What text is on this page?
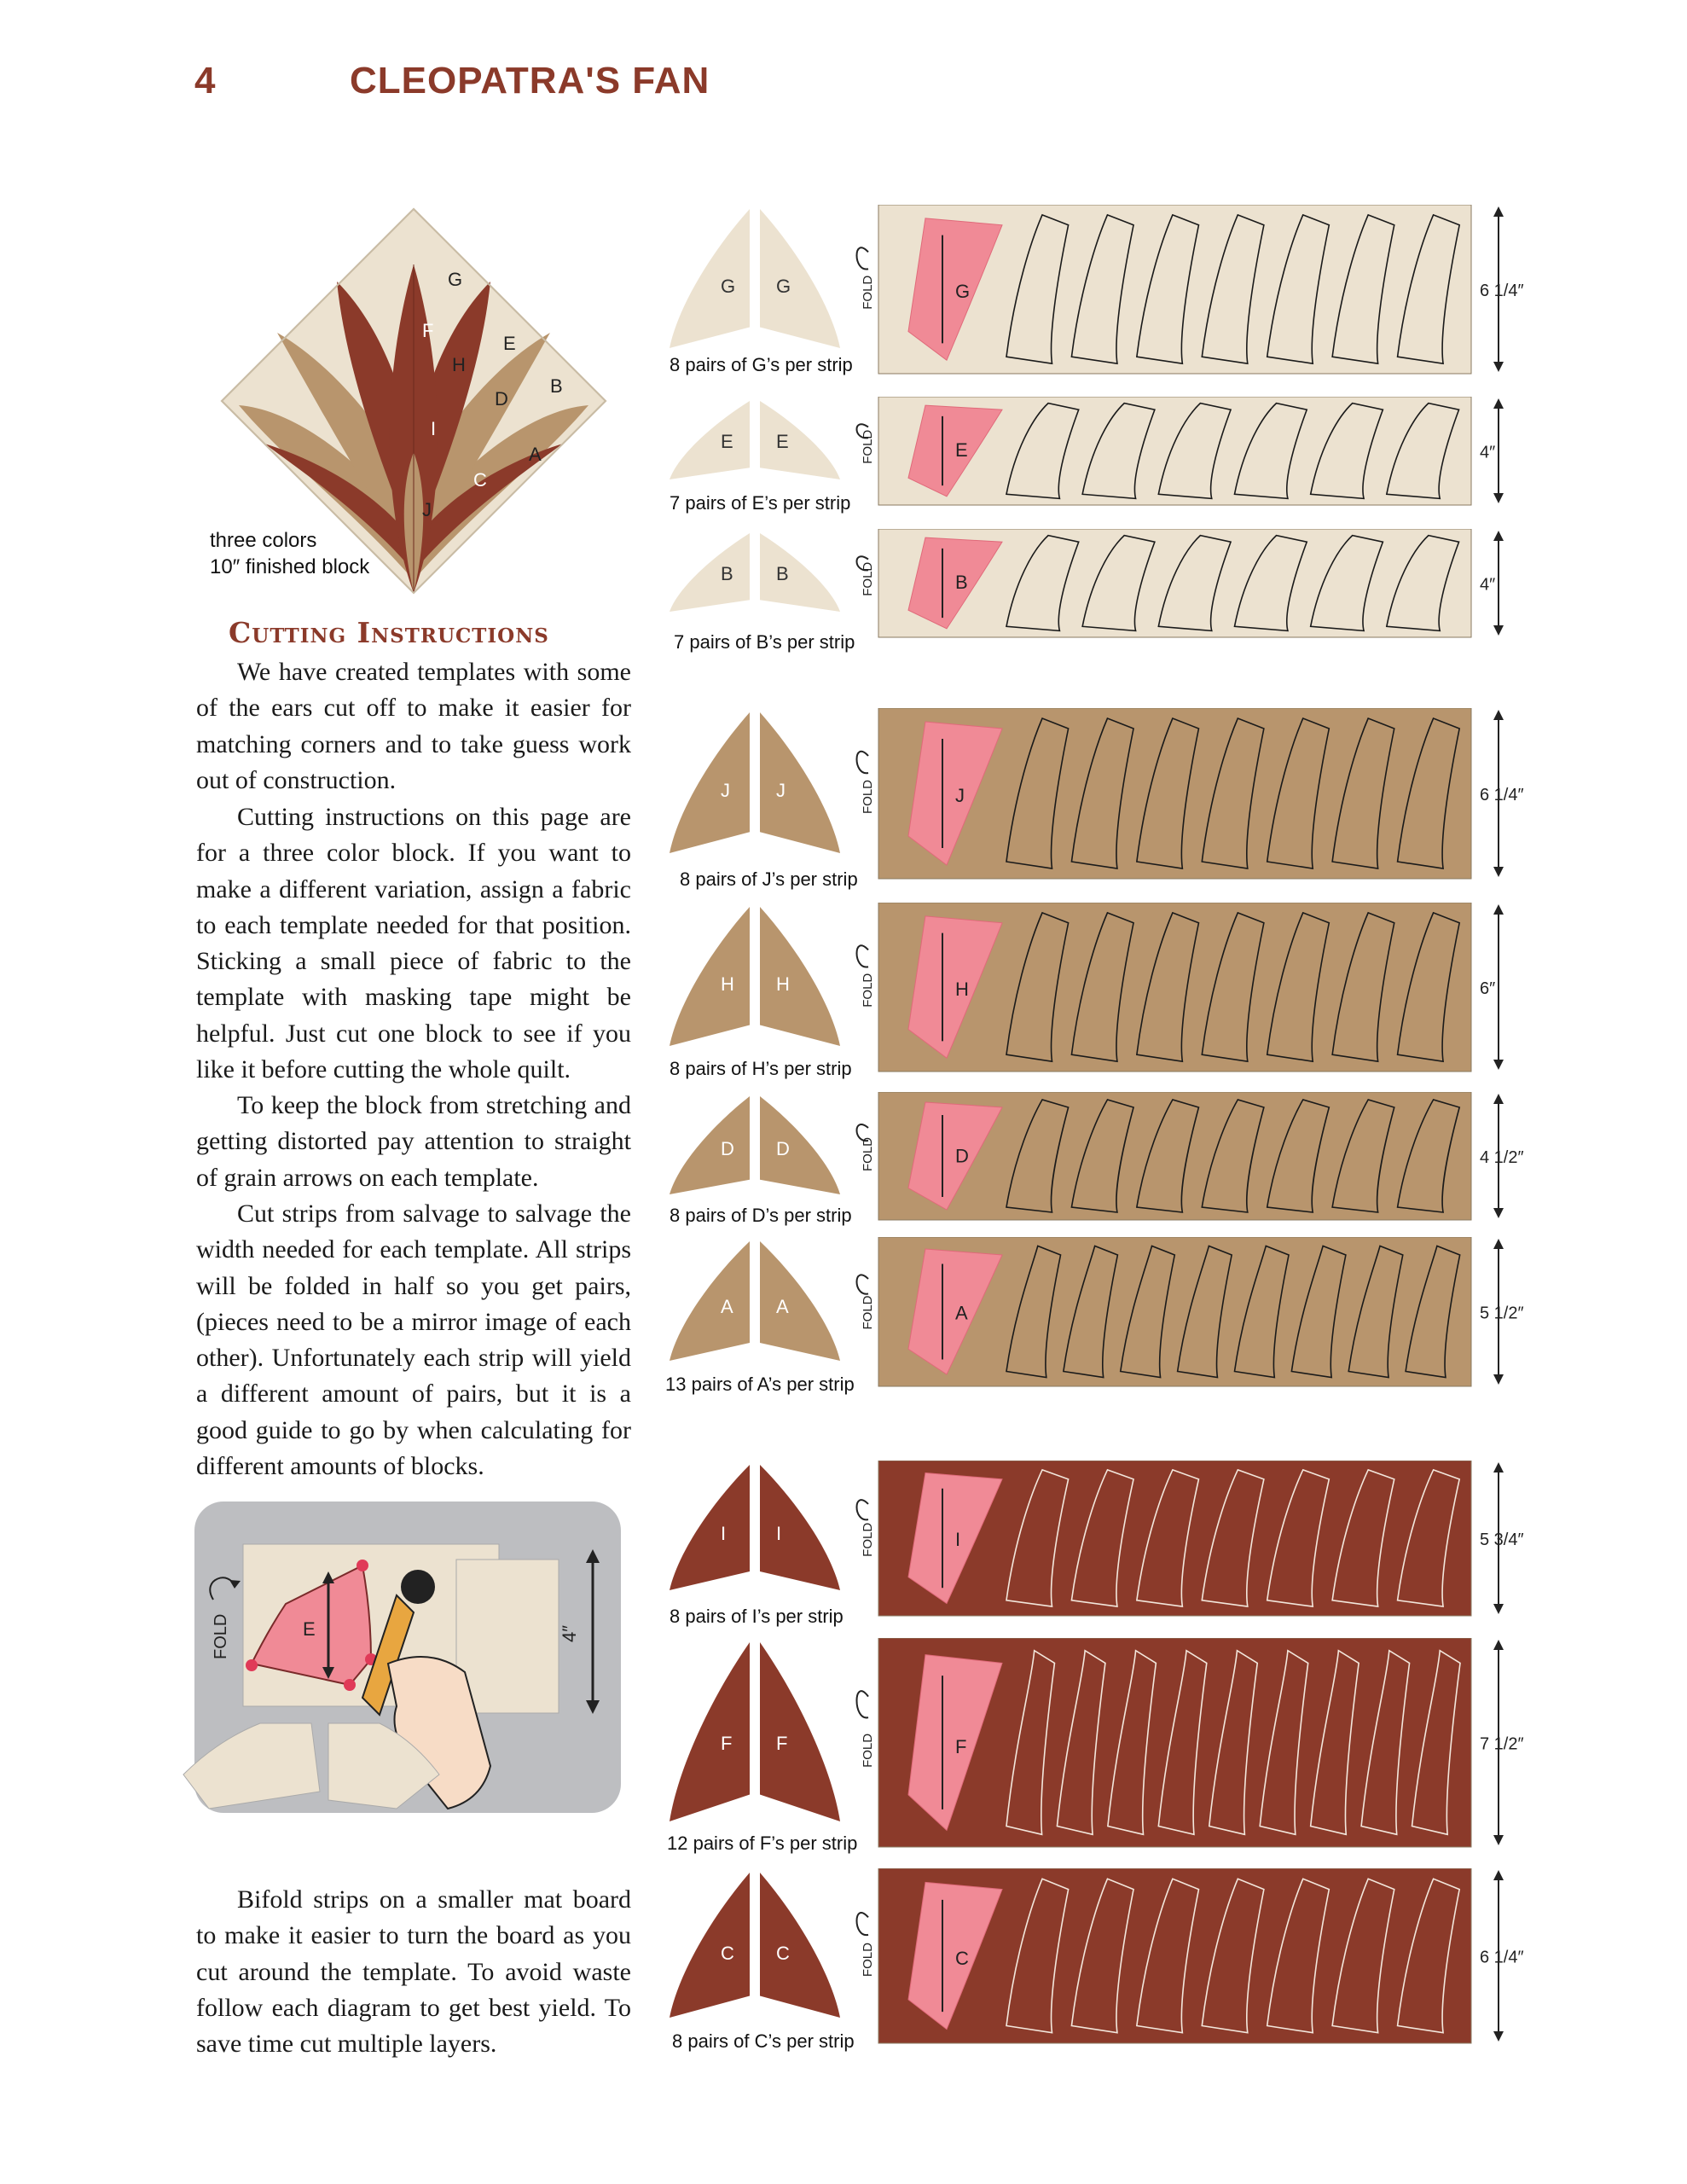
4	CLEOPATRA'S FAN
G
F
H
E
D
B
I
A
C
J
three colors
10″ finished block
Cutting Instructions

We have created templates with some of the ears cut off to make it easier for matching corners and to take guess work out of construction.

Cutting instructions on this page are for a three color block. If you want to make a different variation, assign a fabric to each template needed for that position. Sticking a small piece of fabric to the template with masking tape might be helpful. Just cut one block to see if you like it before cutting the whole quilt.

To keep the block from stretching and getting distorted pay attention to straight of grain arrows on each template.

Cut strips from salvage to salvage the width needed for each template. All strips will be folded in half so you get pairs, (pieces need to be a mirror image of each other). Unfortunately each strip will yield a different amount of pairs, but it is a good guide to go by when calculating for different amounts of blocks.

FOLD	E	4″

Bifold strips on a smaller mat board to make it easier to turn the board as you cut around the template. To avoid waste follow each diagram to get best yield. To save time cut multiple layers.

G G	FOLD	G	6 1/4″
8 pairs of G’s per strip
E E	FOLD	E	4″
7 pairs of E’s per strip
B B	FOLD	B	4″
7 pairs of B’s per strip
J J	FOLD	J	6 1/4″
8 pairs of J’s per strip
H H	FOLD	H	6″
8 pairs of H’s per strip
D D	FOLD	D	4 1/2″
8 pairs of D’s per strip
A A	FOLD	A	5 1/2″
13 pairs of A’s per strip
I	I	FOLD	I	5 3/4″
8 pairs of I’s per strip
F F	FOLD	F	7 1/2″
12 pairs of F’s per strip
C C	FOLD	C	6 1/4″
8 pairs of C’s per strip
